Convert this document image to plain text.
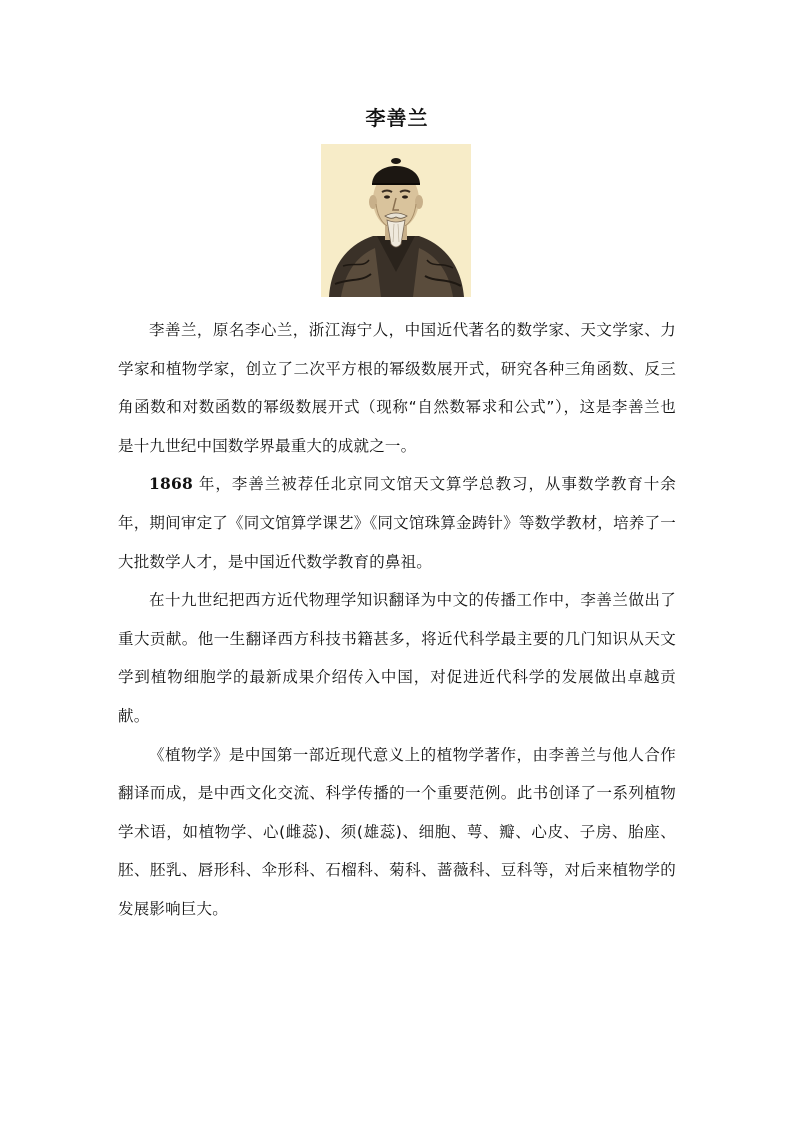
李善兰

李善兰，原名李心兰，浙江海宁人，中国近代著名的数学家、天文学家、力学家和植物学家，创立了二次平方根的幂级数展开式，研究各种三角函数、反三角函数和对数函数的幂级数展开式（现称“自然数幂求和公式”），这是李善兰也是十九世纪中国数学界最重大的成就之一。

1868 年，李善兰被荐任北京同文馆天文算学总教习，从事数学教育十余年，期间审定了《同文馆算学课艺》《同文馆珠算金踌针》等数学教材，培养了一大批数学人才，是中国近代数学教育的鼻祖。

在十九世纪把西方近代物理学知识翻译为中文的传播工作中，李善兰做出了重大贡献。他一生翻译西方科技书籍甚多，将近代科学最主要的几门知识从天文学到植物细胞学的最新成果介绍传入中国，对促进近代科学的发展做出卓越贡献。

《植物学》是中国第一部近现代意义上的植物学著作，由李善兰与他人合作翻译而成，是中西文化交流、科学传播的一个重要范例。此书创译了一系列植物学术语，如植物学、心(雌蕊)、须(雄蕊)、细胞、萼、瓣、心皮、子房、胎座、胚、胚乳、唇形科、伞形科、石榴科、菊科、蔷薇科、豆科等，对后来植物学的发展影响巨大。
